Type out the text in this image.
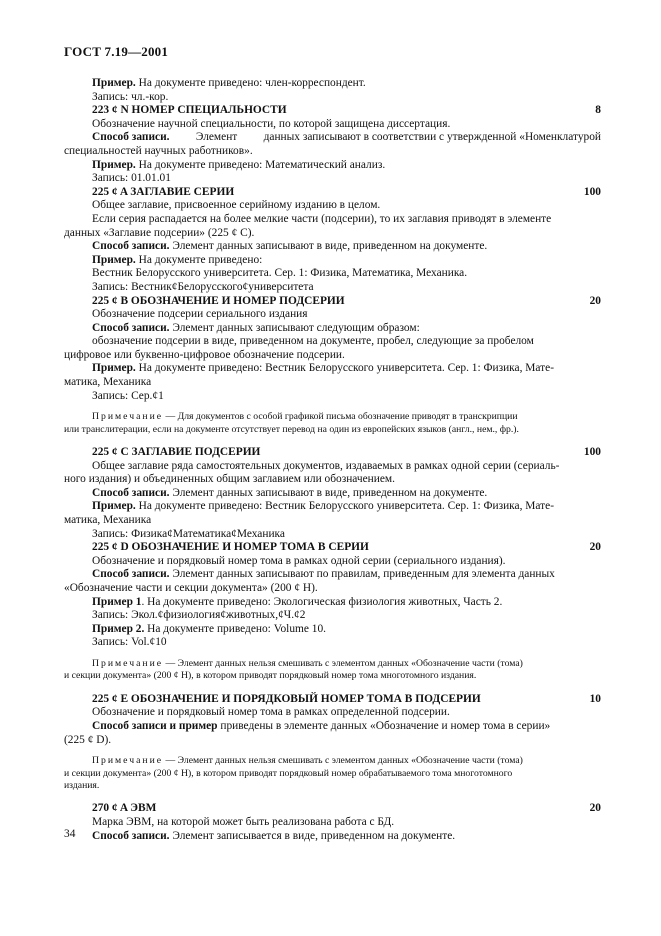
ГОСТ 7.19—2001
Пример. На документе приведено: член-корреспондент.
Запись: чл.-кор.
223 ¢ N НОМЕР СПЕЦИАЛЬНОСТИ	8
Обозначение научной специальности, по которой защищена диссертация.
Способ записи. Элемент данных записывают в соответствии с утвержденной «Номенклатурой
специальностей научных работников».
Пример. На документе приведено: Математический анализ.
Запись: 01.01.01
225 ¢ A ЗАГЛАВИЕ СЕРИИ	100
Общее заглавие, присвоенное серийному изданию в целом.
Если серия распадается на более мелкие части (подсерии), то их заглавия приводят в элементе
данных «Заглавие подсерии» (225 ¢ C).
Способ записи. Элемент данных записывают в виде, приведенном на документе.
Пример. На документе приведено:
Вестник Белорусского университета. Сер. 1: Физика, Математика, Механика.
Запись: Вестник¢Белорусского¢университета
225 ¢ B ОБОЗНАЧЕНИЕ И НОМЕР ПОДСЕРИИ	20
Обозначение подсерии сериального издания
Способ записи. Элемент данных записывают следующим образом:
обозначение подсерии в виде, приведенном на документе, пробел, следующие за пробелом
цифровое или буквенно-цифровое обозначение подсерии.
Пример. На документе приведено: Вестник Белорусского университета. Сер. 1: Физика, Мате-
матика, Механика
Запись: Сер.¢1
Примечание — Для документов с особой графикой письма обозначение приводят в транскрипции
или транслитерации, если на документе отсутствует перевод на один из европейских языков (англ., нем., фр.).
225 ¢ C ЗАГЛАВИЕ ПОДСЕРИИ	100
Общее заглавие ряда самостоятельных документов, издаваемых в рамках одной серии (сериаль-
ного издания) и объединенных общим заглавием или обозначением.
Способ записи. Элемент данных записывают в виде, приведенном на документе.
Пример. На документе приведено: Вестник Белорусского университета. Сер. 1: Физика, Мате-
матика, Механика
Запись: Физика¢Математика¢Механика
225 ¢ D ОБОЗНАЧЕНИЕ И НОМЕР ТОМА В СЕРИИ	20
Обозначение и порядковый номер тома в рамках одной серии (сериального издания).
Способ записи. Элемент данных записывают по правилам, приведенным для элемента данных
«Обозначение части и секции документа» (200 ¢ H).
Пример 1. На документе приведено: Экологическая физиология животных, Часть 2.
Запись: Экол.¢физиология¢животных,¢Ч.¢2
Пример 2. На документе приведено: Volume 10.
Запись: Vol.¢10
Примечание — Элемент данных нельзя смешивать с элементом данных «Обозначение части (тома)
и секции документа» (200 ¢ H), в котором приводят порядковый номер тома многотомного издания.
225 ¢ E ОБОЗНАЧЕНИЕ И ПОРЯДКОВЫЙ НОМЕР ТОМА В ПОДСЕРИИ	10
Обозначение и порядковый номер тома в рамках определенной подсерии.
Способ записи и пример приведены в элементе данных «Обозначение и номер тома в серии»
(225 ¢ D).
Примечание — Элемент данных нельзя смешивать с элементом данных «Обозначение части (тома)
и секции документа» (200 ¢ H), в котором приводят порядковый номер обрабатываемого тома многотомного
издания.
270 ¢ A ЭВМ	20
Марка ЭВМ, на которой может быть реализована работа с БД.
Способ записи. Элемент записывается в виде, приведенном на документе.
34
